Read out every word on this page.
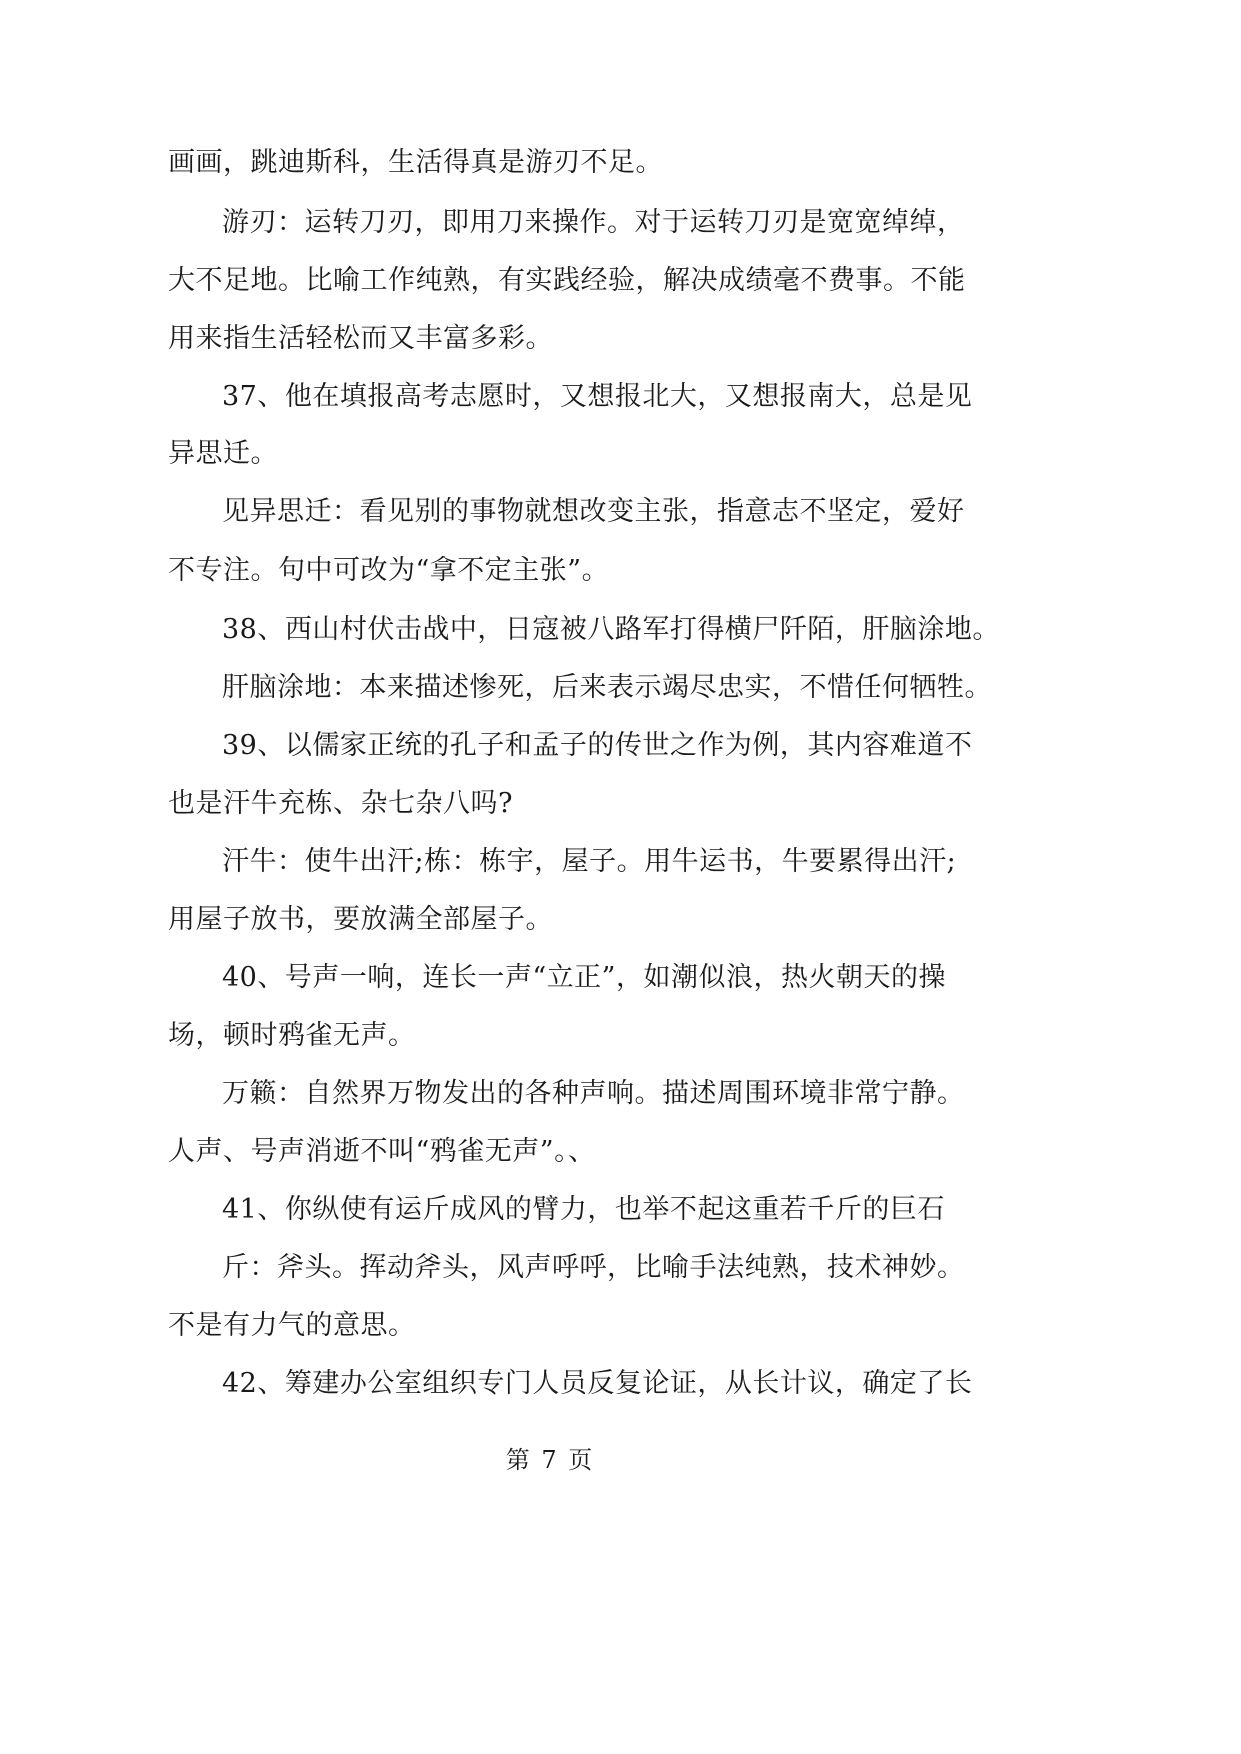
画画，跳迪斯科，生活得真是游刃不足。
游刃：运转刀刃，即用刀来操作。对于运转刀刃是宽宽绰绰，
大不足地。比喻工作纯熟，有实践经验，解决成绩毫不费事。不能
用来指生活轻松而又丰富多彩。
37、他在填报高考志愿时，又想报北大，又想报南大，总是见
异思迁。
见异思迁：看见别的事物就想改变主张，指意志不坚定，爱好
不专注。句中可改为“拿不定主张”。
38、西山村伏击战中，日寇被八路军打得横尸阡陌，肝脑涂地。
肝脑涂地：本来描述惨死，后来表示竭尽忠实，不惜任何牺牲。
39、以儒家正统的孔子和孟子的传世之作为例，其内容难道不
也是汗牛充栋、杂七杂八吗?
汗牛：使牛出汗;栋：栋宇，屋子。用牛运书，牛要累得出汗;
用屋子放书，要放满全部屋子。
40、号声一响，连长一声“立正”，如潮似浪，热火朝天的操
场，顿时鸦雀无声。
万籁：自然界万物发出的各种声响。描述周围环境非常宁静。
人声、号声消逝不叫“鸦雀无声”。、
41、你纵使有运斤成风的臂力，也举不起这重若千斤的巨石
斤：斧头。挥动斧头，风声呼呼，比喻手法纯熟，技术神妙。
不是有力气的意思。
42、筹建办公室组织专门人员反复论证，从长计议，确定了长
第 7 页
